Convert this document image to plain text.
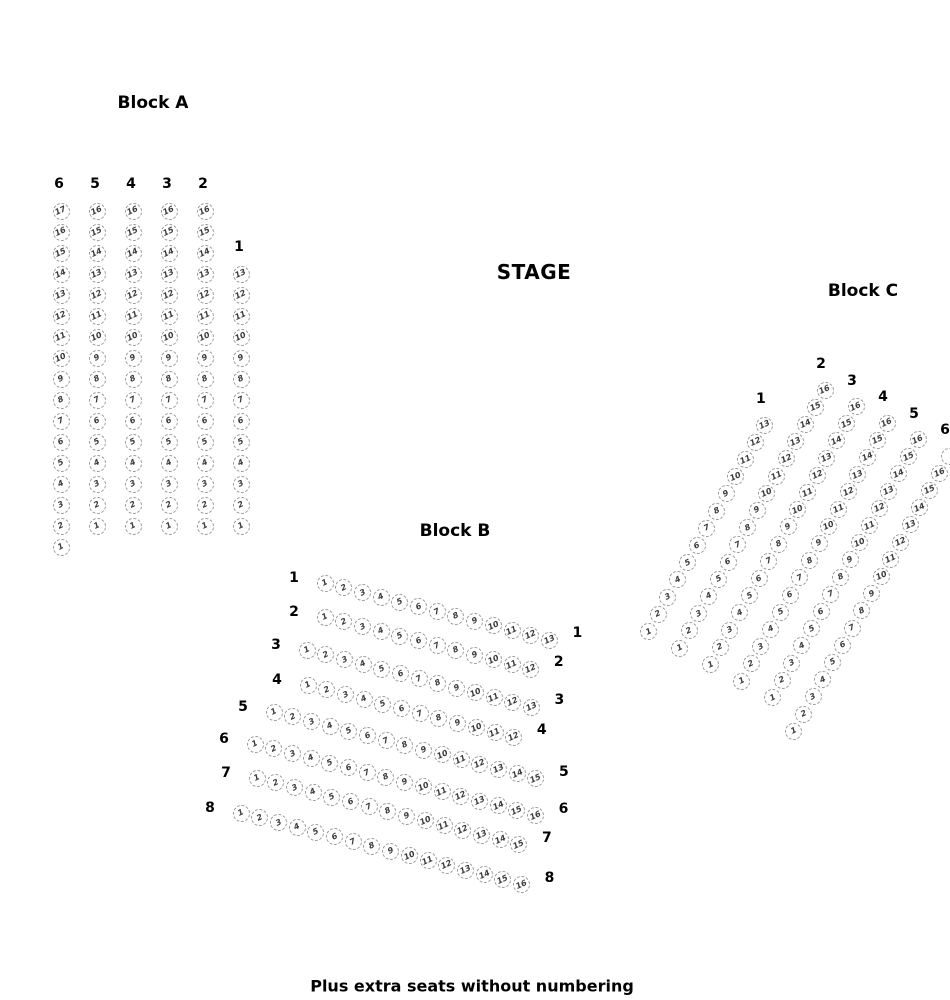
Block A
STAGE
Block C
Block B
6
17
16
15
14
13
12
11
10
9
8
7
6
5
4
3
2
1
5
16
15
14
13
12
11
10
9
8
7
6
5
4
3
2
1
4
16
15
14
13
12
11
10
9
8
7
6
5
4
3
2
1
3
16
15
14
13
12
11
10
9
8
7
6
5
4
3
2
1
2
16
15
14
13
12
11
10
9
8
7
6
5
4
3
2
1
1
13
12
11
10
9
8
7
6
5
4
3
2
1
1 2 3 4 5 6 7 8 9 10 11 12 13
1
1
1 2 3 4 5 6 7 8 9 10 11 12
2
2
1 2 3 4 5 6 7 8 9 10 11 12 13
3
3
1 2 3 4 5 6 7 8 9 10 11 12
4
4
1 2 3 4 5 6 7 8 9 10 11 12 13 14 15
5
5
1 2 3 4 5 6 7 8 9 10 11 12 13 14 15 16
6
6
1 2 3 4 5 6 7 8 9 10 11 12 13 14 15
7
7
1 2 3 4 5 6 7 8 9 10 11 12 13 14 15 16
8
8
1
13
12
11
10
9
8
7
6
5
4
3
2
1
2
16
15
14
13
12
11
10
9
8
7
6
5
4
3
2
1
3
16
15
14
13
12
11
10
9
8
7
6
5
4
3
2
1
4
16
15
14
13
12
11
10
9
8
7
6
5
4
3
2
1
5
16
15
14
13
12
11
10
9
8
7
6
5
4
3
2
1
6
16
15
14
13
12
11
10
9
8
7
6
5
4
3
2
1
Plus extra seats without numbering
